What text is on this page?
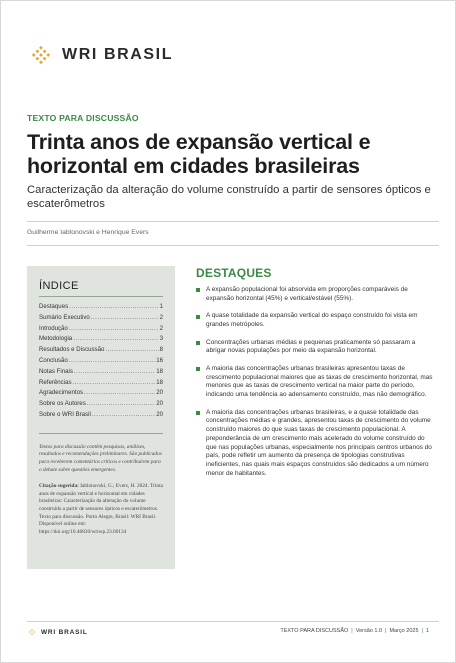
WRI BRASIL
TEXTO PARA DISCUSSÃO
Trinta anos de expansão vertical e horizontal em cidades brasileiras
Caracterização da alteração do volume construído a partir de sensores ópticos e escaterômetros
Guilherme Iablonovski e Henrique Evers
ÍNDICE
Destaques . . .	1
Sumário Executivo . . .	2
Introdução . . .	2
Metodologia . . .	3
Resultados e Discussão . . .	8
Conclusão . . .	16
Notas Finais . . .	18
Referências . . .	18
Agradecimentos . . .	20
Sobre os Autores . . .	20
Sobre o WRI Brasil . . .	20

Textos para discussão contêm pesquisas, análises, resultados e recomendações preliminares. São publicados para receberem comentários críticos e contribuírem para o debate sobre questões emergentes.

Citação sugerida: Iablonovski, G.; Evers, H. 2024. Trinta anos de expansão vertical e horizontal em cidades brasileiras: Caracterização da alteração do volume construído a partir de sensores ópticos e escaterômetros. Texto para discussão. Porto Alegre, Brasil: WRI Brasil. Disponível online em: https://doi.org/10.46830/wriwp.23.00134

DESTAQUES
A expansão populacional foi absorvida em proporções comparáveis de expansão horizontal (45%) e vertical/estável (55%).
A quase totalidade da expansão vertical do espaço construído foi vista em grandes metrópoles.
Concentrações urbanas médias e pequenas praticamente só passaram a abrigar novas populações por meio da expansão horizontal.
A maioria das concentrações urbanas brasileiras apresentou taxas de crescimento populacional maiores que as taxas de crescimento horizontal, mas menores que as taxas de crescimento vertical na maior parte do período, indicando uma tendência ao adensamento construído, mas não demográfico.
A maioria das concentrações urbanas brasileiras, e a quase totalidade das concentrações médias e grandes, apresentou taxas de crescimento do volume construído maiores do que suas taxas de crescimento populacional. A preponderância de um crescimento mais acelerado do volume construído do que nas populações urbanas, especialmente nos principais centros urbanos do país, pode refletir um aumento da presença de tipologias construtivas ineficientes, nas quais mais espaços construídos são dedicados a um número menor de habitantes.
WRI BRASIL	TEXTO PARA DISCUSSÃO | Versão 1.0 | Março 2025 | 1
